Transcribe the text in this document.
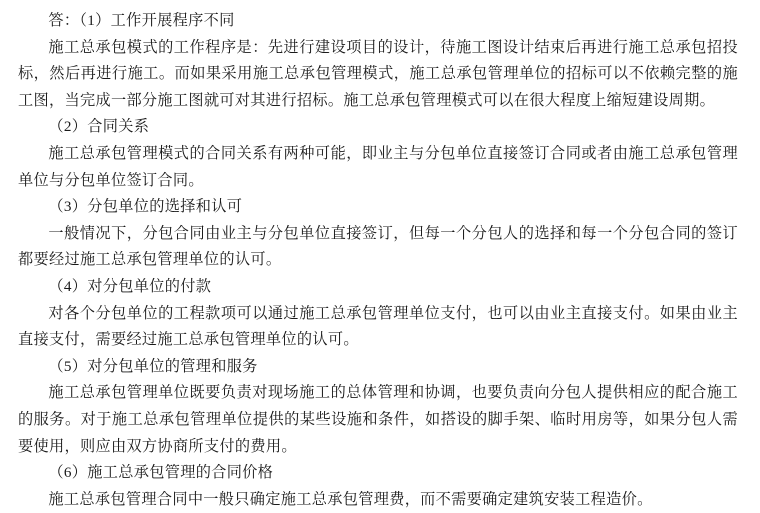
答：（1）工作开展程序不同

施工总承包模式的工作程序是：先进行建设项目的设计，待施工图设计结束后再进行施工总承包招投标，然后再进行施工。而如果采用施工总承包管理模式，施工总承包管理单位的招标可以不依赖完整的施工图，当完成一部分施工图就可对其进行招标。施工总承包管理模式可以在很大程度上缩短建设周期。

（2）合同关系

施工总承包管理模式的合同关系有两种可能，即业主与分包单位直接签订合同或者由施工总承包管理单位与分包单位签订合同。

（3）分包单位的选择和认可

一般情况下，分包合同由业主与分包单位直接签订，但每一个分包人的选择和每一个分包合同的签订都要经过施工总承包管理单位的认可。

（4）对分包单位的付款

对各个分包单位的工程款项可以通过施工总承包管理单位支付，也可以由业主直接支付。如果由业主直接支付，需要经过施工总承包管理单位的认可。

（5）对分包单位的管理和服务

施工总承包管理单位既要负责对现场施工的总体管理和协调，也要负责向分包人提供相应的配合施工的服务。对于施工总承包管理单位提供的某些设施和条件，如搭设的脚手架、临时用房等，如果分包人需要使用，则应由双方协商所支付的费用。

（6）施工总承包管理的合同价格

施工总承包管理合同中一般只确定施工总承包管理费，而不需要确定建筑安装工程造价。
